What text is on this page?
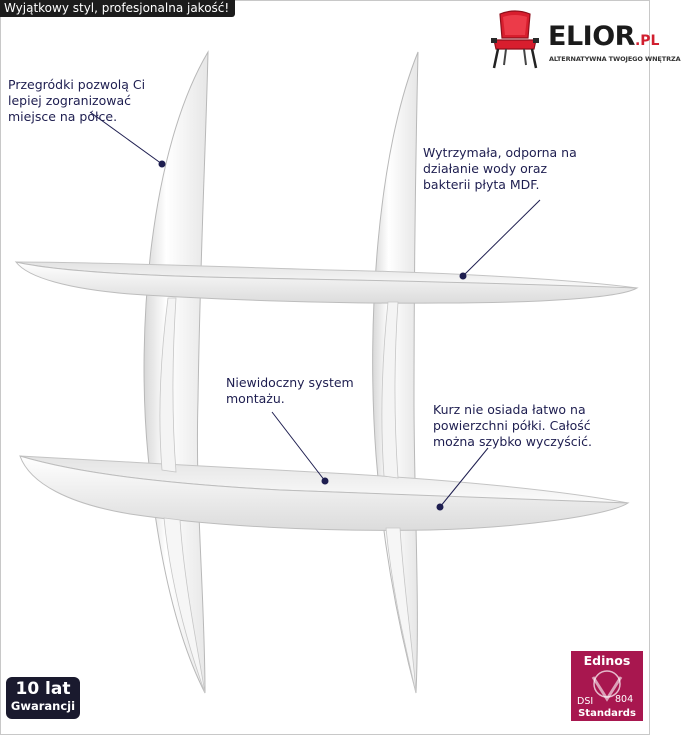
Wyjątkowy styl, profesjonalna jakość!
ELIOR.PL
ALTERNATYWNA TWOJEGO WNĘTRZA
Przegródki pozwolą Ci
lepiej zogranizować
miejsce na półce.
Wytrzymała, odporna na
działanie wody oraz
bakterii płyta MDF.
Niewidoczny system
montażu.
Kurz nie osiada łatwo na
powierzchni półki. Całość
można szybko wyczyścić.
10 lat
Gwarancji
Edinos
DSI 804
Standards
